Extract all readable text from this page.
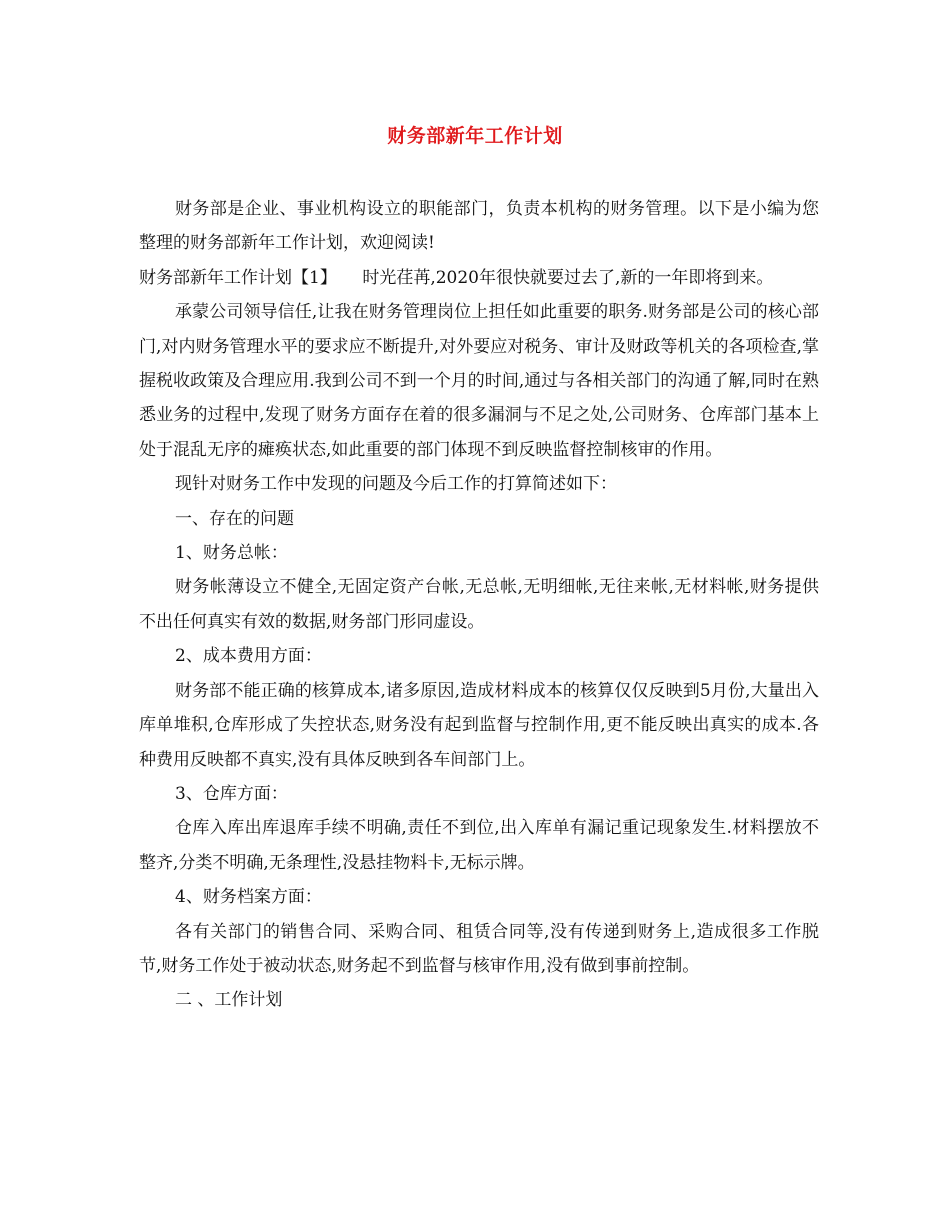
财务部新年工作计划

财务部是企业、事业机构设立的职能部门，负责本机构的财务管理。以下是小编为您整理的财务部新年工作计划，欢迎阅读!

财务部新年工作计划【1】　　时光荏苒,2020年很快就要过去了,新的一年即将到来。

承蒙公司领导信任,让我在财务管理岗位上担任如此重要的职务.财务部是公司的核心部门,对内财务管理水平的要求应不断提升,对外要应对税务、审计及财政等机关的各项检查,掌握税收政策及合理应用.我到公司不到一个月的时间,通过与各相关部门的沟通了解,同时在熟悉业务的过程中,发现了财务方面存在着的很多漏洞与不足之处,公司财务、仓库部门基本上处于混乱无序的瘫痪状态,如此重要的部门体现不到反映监督控制核审的作用。

现针对财务工作中发现的问题及今后工作的打算简述如下：

一、存在的问题

1、财务总帐：

财务帐薄设立不健全,无固定资产台帐,无总帐,无明细帐,无往来帐,无材料帐,财务提供不出任何真实有效的数据,财务部门形同虚设。

2、成本费用方面：

财务部不能正确的核算成本,诸多原因,造成材料成本的核算仅仅反映到5月份,大量出入库单堆积,仓库形成了失控状态,财务没有起到监督与控制作用,更不能反映出真实的成本.各种费用反映都不真实,没有具体反映到各车间部门上。

3、仓库方面：

仓库入库出库退库手续不明确,责任不到位,出入库单有漏记重记现象发生.材料摆放不整齐,分类不明确,无条理性,没悬挂物料卡,无标示牌。

4、财务档案方面：

各有关部门的销售合同、采购合同、租赁合同等,没有传递到财务上,造成很多工作脱节,财务工作处于被动状态,财务起不到监督与核审作用,没有做到事前控制。

二 、工作计划
